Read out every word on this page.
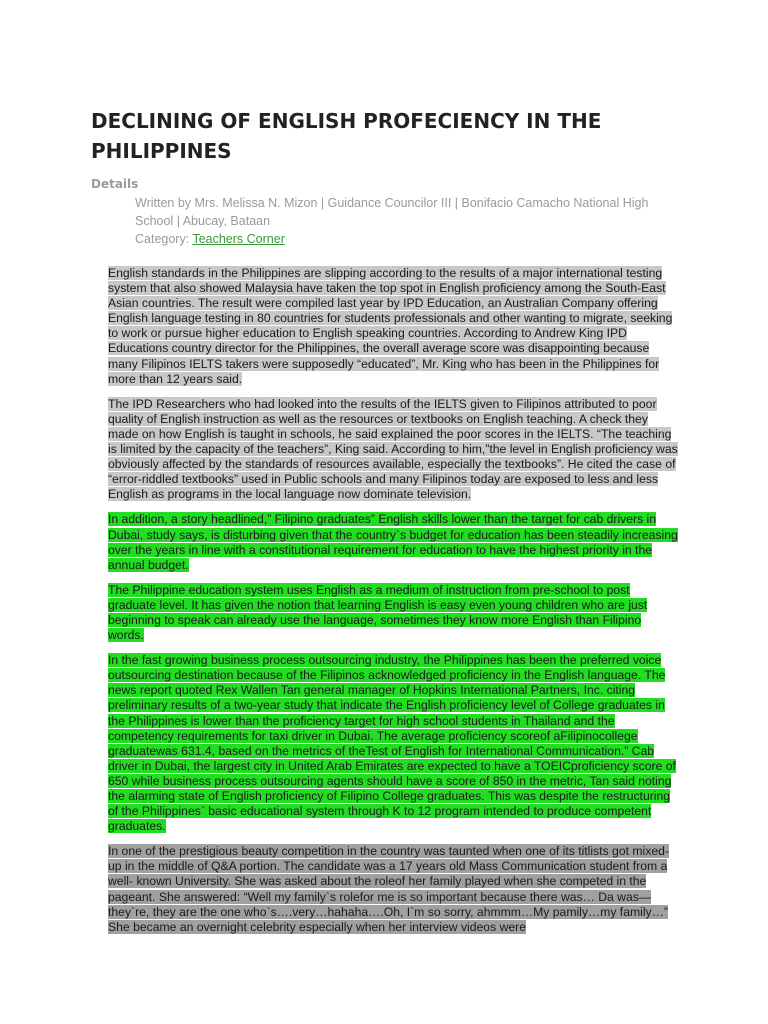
DECLINING OF ENGLISH PROFECIENCY IN THE PHILIPPINES
Details
Written by Mrs. Melissa N. Mizon | Guidance Councilor III | Bonifacio Camacho National High School | Abucay, Bataan
Category: Teachers Corner

English standards in the Philippines are slipping according to the results of a major international testing system that also showed Malaysia have taken the top spot in English proficiency among the South-East Asian countries. The result were compiled last year by IPD Education, an Australian Company offering English language testing in 80 countries for students professionals and other wanting to migrate, seeking to work or pursue higher education to English speaking countries. According to Andrew King IPD Educations country director for the Philippines, the overall average score was disappointing because many Filipinos IELTS takers were supposedly “educated”, Mr. King who has been in the Philippines for more than 12 years said.

The IPD Researchers who had looked into the results of the IELTS given to Filipinos attributed to poor quality of English instruction as well as the resources or textbooks on English teaching. A check they made on how English is taught in schools, he said explained the poor scores in the IELTS. “The teaching is limited by the capacity of the teachers”, King said. According to him,”the level in English proficiency was obviously affected by the standards of resources available, especially the textbooks”. He cited the case of “error-riddled textbooks” used in Public schools and many Filipinos today are exposed to less and less English as programs in the local language now dominate television.

In addition, a story headlined,” Filipino graduates” English skills lower than the target for cab drivers in Dubai, study says, is disturbing given that the country`s budget for education has been steadily increasing over the years in line with a constitutional requirement for education to have the highest priority in the annual budget.

The Philippine education system uses English as a medium of instruction from pre-school to post graduate level. It has given the notion that learning English is easy even young children who are just beginning to speak can already use the language, sometimes they know more English than Filipino words.

In the fast growing business process outsourcing industry, the Philippines has been the preferred voice outsourcing destination because of the Filipinos acknowledged proficiency in the English language. The news report quoted Rex Wallen Tan general manager of Hopkins International Partners, Inc. citing preliminary results of a two-year study that indicate the English proficiency level of College graduates in the Philippines is lower than the proficiency target for high school students in Thailand and the competency requirements for taxi driver in Dubai. The average proficiency scoreof aFilipinocollege graduatewas 631.4, based on the metrics of theTest of English for International Communication.” Cab driver in Dubai, the largest city in United Arab Emirates are expected to have a TOEICproficiency score of 650 while business process outsourcing agents should have a score of 850 in the metric, Tan said noting the alarming state of English proficiency of Filipino College graduates. This was despite the restructuring of the Philippines` basic educational system through K to 12 program intended to produce competent graduates.

In one of the prestigious beauty competition in the country was taunted when one of its titlists got mixed-up in the middle of Q&A portion. The candidate was a 17 years old Mass Communication student from a well- known University. She was asked about the roleof her family played when she competed in the pageant. She answered: “Well my family`s rolefor me is so important because there was… Da was—they`re, they are the one who`s….very…hahaha….Oh, I`m so sorry, ahmmm…My pamily…my family…” She became an overnight celebrity especially when her interview videos were
